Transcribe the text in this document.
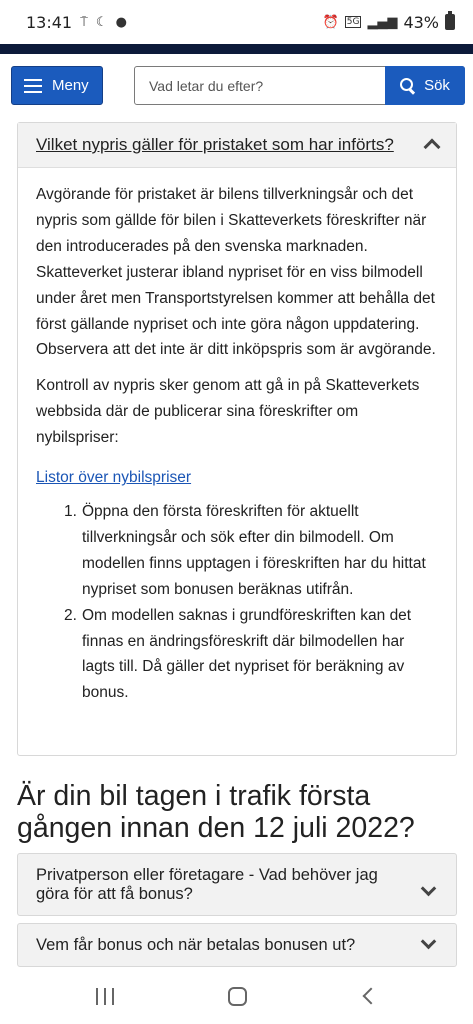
13:41 ⍑ ☾ ●	⏰ 5G ▂▄▆ 43%
Meny
Vad letar du efter?	Sök
Vilket nypris gäller för pristaket som har införts?

Avgörande för pristaket är bilens tillverkningsår och det nypris som gällde för bilen i Skatteverkets föreskrifter när den introducerades på den svenska marknaden. Skatteverket justerar ibland nypriset för en viss bilmodell under året men Transportstyrelsen kommer att behålla det först gällande nypriset och inte göra någon uppdatering. Observera att det inte är ditt inköpspris som är avgörande.

Kontroll av nypris sker genom att gå in på Skatteverkets webbsida där de publicerar sina föreskrifter om nybilspriser:

Listor över nybilspriser
1. Öppna den första föreskriften för aktuellt tillverkningsår och sök efter din bilmodell. Om modellen finns upptagen i föreskriften har du hittat nypriset som bonusen beräknas utifrån.
2. Om modellen saknas i grundföreskriften kan det finnas en ändringsföreskrift där bilmodellen har lagts till. Då gäller det nypriset för beräkning av bonus.
Är din bil tagen i trafik första gången innan den 12 juli 2022?
Privatperson eller företagare - Vad behöver jag göra för att få bonus?
Vem får bonus och när betalas bonusen ut?
